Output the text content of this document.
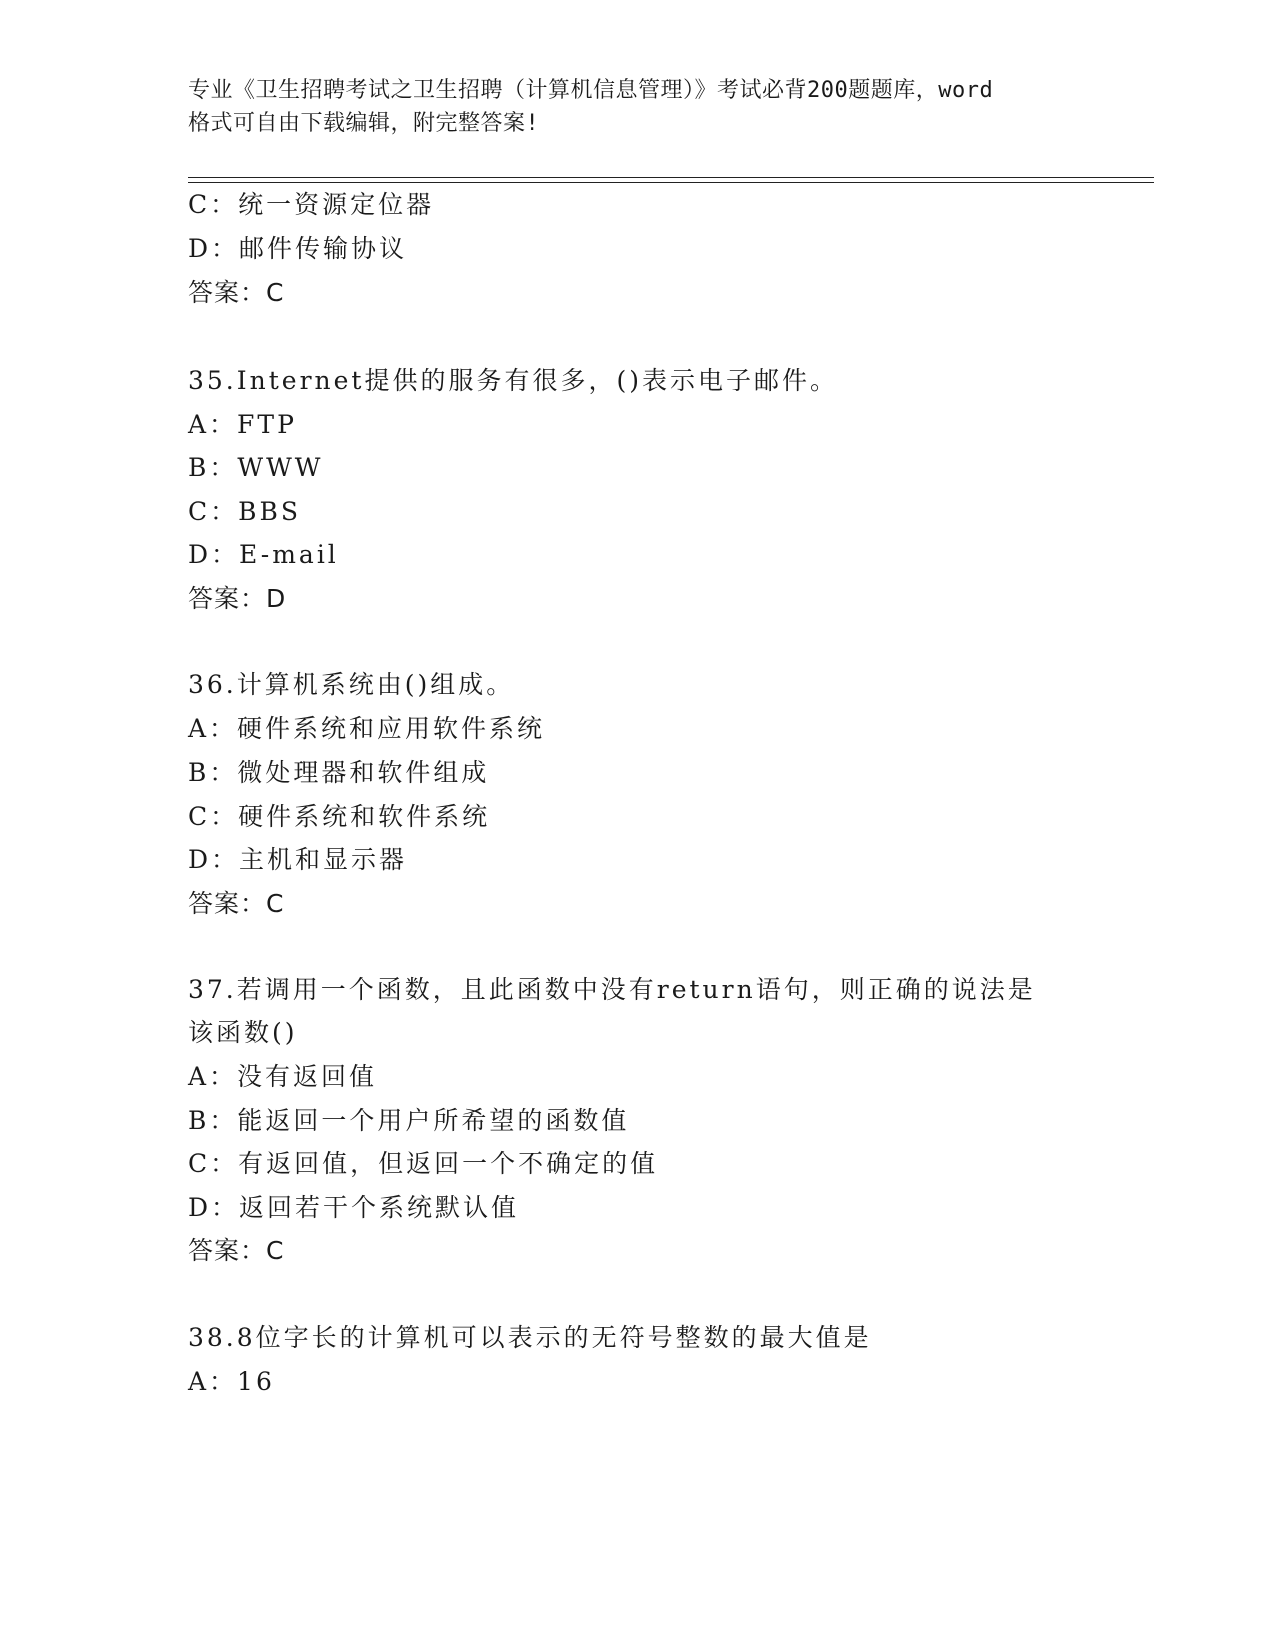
专业《卫生招聘考试之卫生招聘（计算机信息管理）》考试必背200题题库，word
格式可自由下载编辑，附完整答案!
C：统一资源定位器
D：邮件传输协议
答案：C
35.Internet提供的服务有很多，()表示电子邮件。
A：FTP
B：WWW
C：BBS
D：E-mail
答案：D
36.计算机系统由()组成。
A：硬件系统和应用软件系统
B：微处理器和软件组成
C：硬件系统和软件系统
D：主机和显示器
答案：C
37.若调用一个函数，且此函数中没有return语句，则正确的说法是
该函数()
A：没有返回值
B：能返回一个用户所希望的函数值
C：有返回值，但返回一个不确定的值
D：返回若干个系统默认值
答案：C
38.8位字长的计算机可以表示的无符号整数的最大值是
A：16
